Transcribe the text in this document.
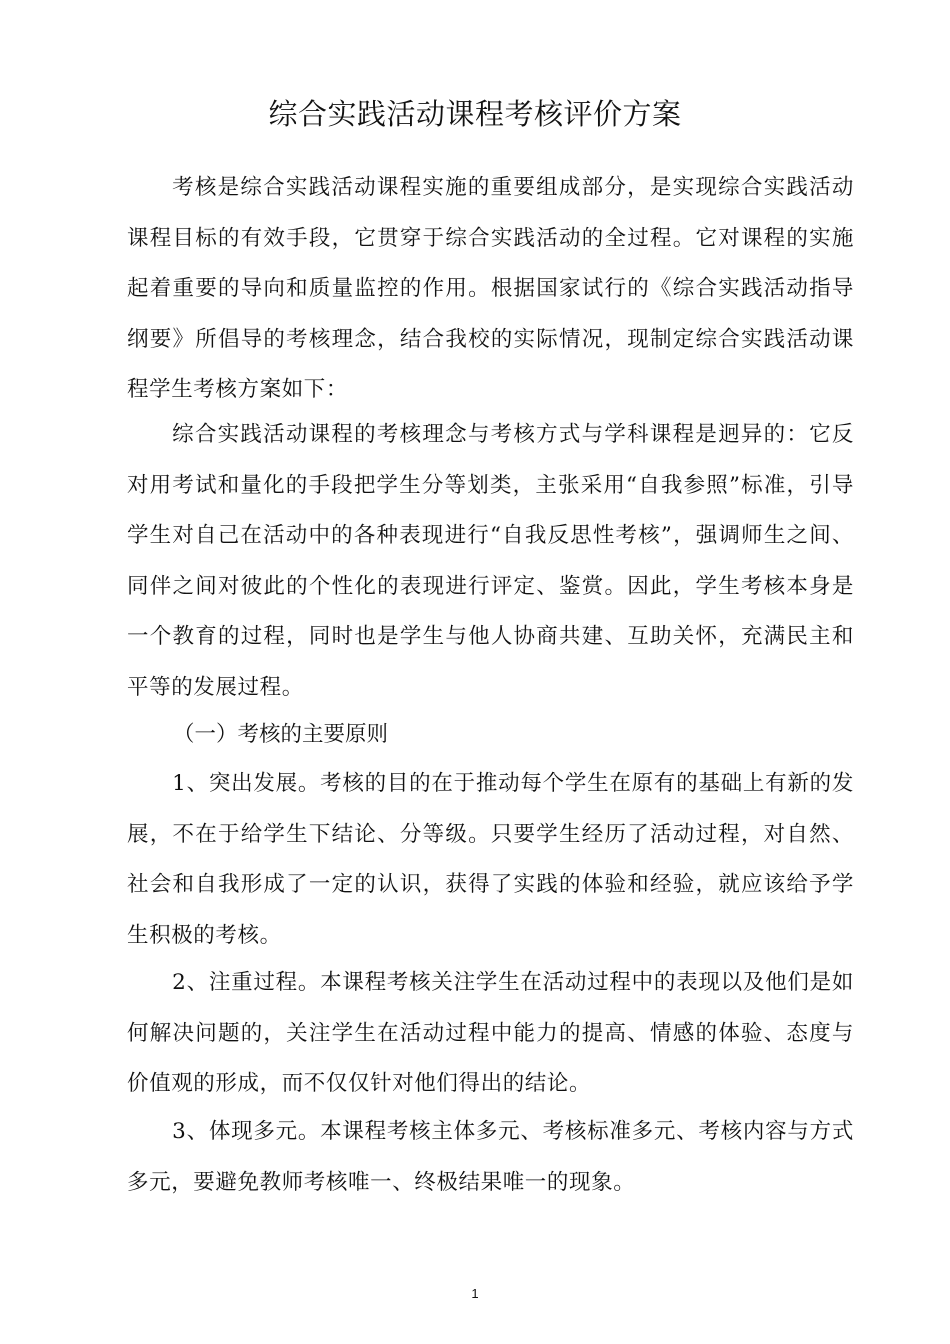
综合实践活动课程考核评价方案

考核是综合实践活动课程实施的重要组成部分，是实现综合实践活动课程目标的有效手段，它贯穿于综合实践活动的全过程。它对课程的实施起着重要的导向和质量监控的作用。根据国家试行的《综合实践活动指导纲要》所倡导的考核理念，结合我校的实际情况，现制定综合实践活动课程学生考核方案如下：

综合实践活动课程的考核理念与考核方式与学科课程是迥异的：它反对用考试和量化的手段把学生分等划类，主张采用“自我参照”标准，引导学生对自己在活动中的各种表现进行“自我反思性考核”，强调师生之间、同伴之间对彼此的个性化的表现进行评定、鉴赏。因此，学生考核本身是一个教育的过程，同时也是学生与他人协商共建、互助关怀，充满民主和平等的发展过程。

（一）考核的主要原则

1、突出发展。考核的目的在于推动每个学生在原有的基础上有新的发展，不在于给学生下结论、分等级。只要学生经历了活动过程，对自然、社会和自我形成了一定的认识，获得了实践的体验和经验，就应该给予学生积极的考核。

2、注重过程。本课程考核关注学生在活动过程中的表现以及他们是如何解决问题的，关注学生在活动过程中能力的提高、情感的体验、态度与价值观的形成，而不仅仅针对他们得出的结论。

3、体现多元。本课程考核主体多元、考核标准多元、考核内容与方式多元，要避免教师考核唯一、终极结果唯一的现象。

1
